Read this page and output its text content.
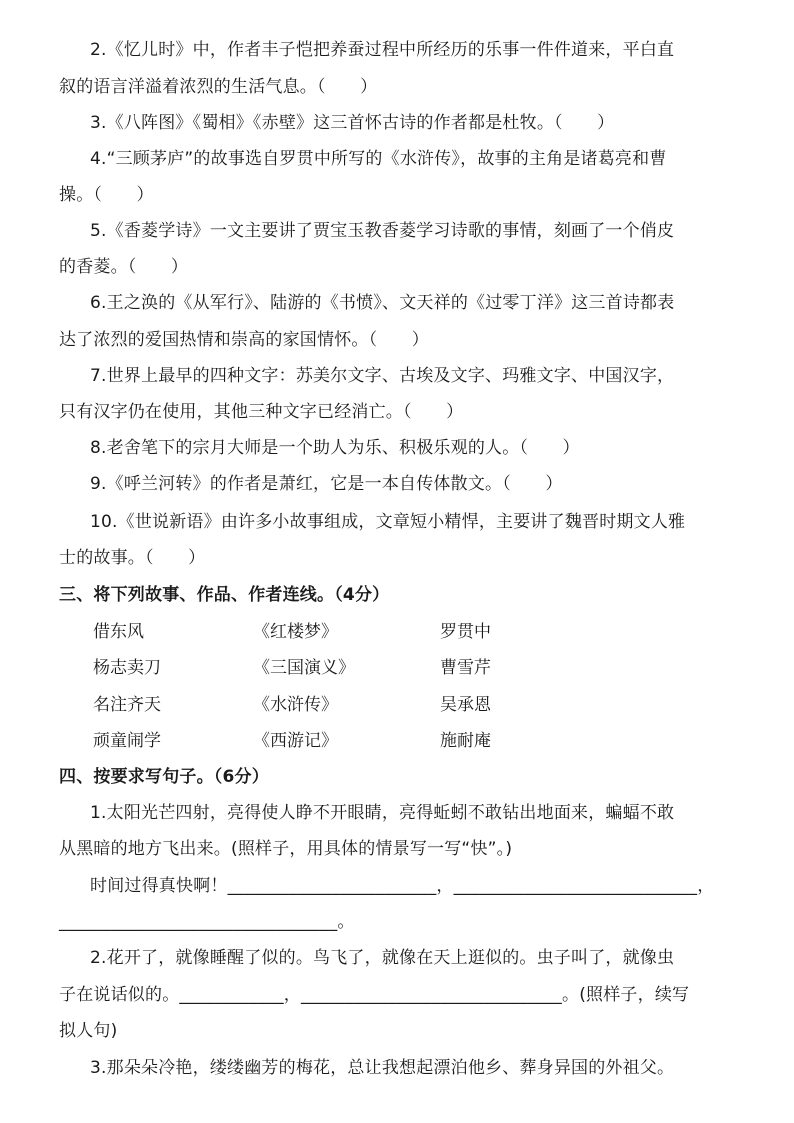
2.《忆儿时》中，作者丰子恺把养蚕过程中所经历的乐事一件件道来，平白直
叙的语言洋溢着浓烈的生活气息。（　　）
3.《八阵图》《蜀相》《赤壁》这三首怀古诗的作者都是杜牧。（　　）
4.“三顾茅庐”的故事选自罗贯中所写的《水浒传》，故事的主角是诸葛亮和曹
操。（　　）
5.《香菱学诗》一文主要讲了贾宝玉教香菱学习诗歌的事情，刻画了一个俏皮
的香菱。（　　）
6.王之涣的《从军行》、陆游的《书愤》、文天祥的《过零丁洋》这三首诗都表
达了浓烈的爱国热情和崇高的家国情怀。（　　）
7.世界上最早的四种文字：苏美尔文字、古埃及文字、玛雅文字、中国汉字，
只有汉字仍在使用，其他三种文字已经消亡。（　　）
8.老舍笔下的宗月大师是一个助人为乐、积极乐观的人。（　　）
9.《呼兰河转》的作者是萧红，它是一本自传体散文。（　　）
10.《世说新语》由许多小故事组成，文章短小精悍，主要讲了魏晋时期文人雅
士的故事。（　　）
三、将下列故事、作品、作者连线。（4分）
借东风
杨志卖刀
名注齐天
顽童闹学
《红楼梦》
《三国演义》
《水浒传》
《西游记》
罗贯中
曹雪芹
吴承恩
施耐庵
四、按要求写句子。（6分）
1.太阳光芒四射，亮得使人睁不开眼睛，亮得蚯蚓不敢钻出地面来，蝙蝠不敢
从黑暗的地方飞出来。(照样子，用具体的情景写一写“快”。)
时间过得真快啊！________________________，____________________________，
________________________________。
2.花开了，就像睡醒了似的。鸟飞了，就像在天上逛似的。虫子叫了，就像虫
子在说话似的。____________，______________________________。(照样子，续写
拟人句)
3.那朵朵冷艳，缕缕幽芳的梅花，总让我想起漂泊他乡、葬身异国的外祖父。
